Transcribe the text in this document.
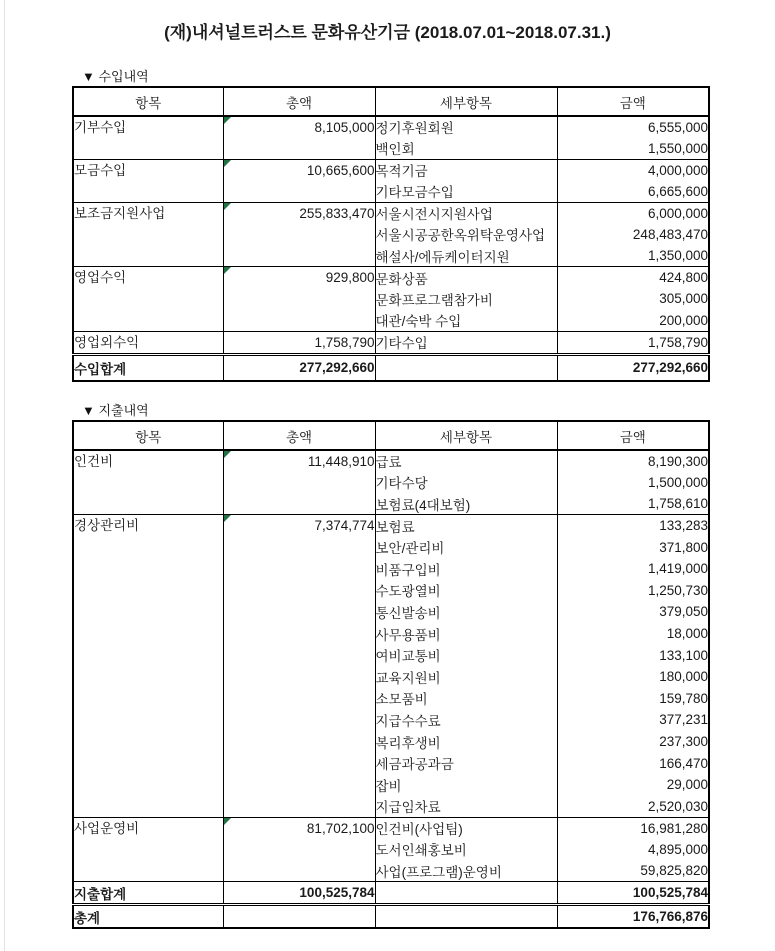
(재)내셔널트러스트 문화유산기금 (2018.07.01~2018.07.31.)
▼ 수입내역
항목	총액	세부항목	금액
기부수입	8,105,000	정기후원회원	6,555,000
		백인회	1,550,000
모금수입	10,665,600	목적기금	4,000,000
		기타모금수입	6,665,600
보조금지원사업	255,833,470	서울시전시지원사업	6,000,000
		서울시공공한옥위탁운영사업	248,483,470
		해설사/에듀케이터지원	1,350,000
영업수익	929,800	문화상품	424,800
		문화프로그램참가비	305,000
		대관/숙박 수입	200,000
영업외수익	1,758,790	기타수입	1,758,790
수입합계	277,292,660		277,292,660
▼ 지출내역
항목	총액	세부항목	금액
인건비	11,448,910	급료	8,190,300
		기타수당	1,500,000
		보험료(4대보험)	1,758,610
경상관리비	7,374,774	보험료	133,283
		보안/관리비	371,800
		비품구입비	1,419,000
		수도광열비	1,250,730
		통신발송비	379,050
		사무용품비	18,000
		여비교통비	133,100
		교육지원비	180,000
		소모품비	159,780
		지급수수료	377,231
		복리후생비	237,300
		세금과공과금	166,470
		잡비	29,000
		지급임차료	2,520,030
사업운영비	81,702,100	인건비(사업팀)	16,981,280
		도서인쇄홍보비	4,895,000
		사업(프로그램)운영비	59,825,820
지출합계	100,525,784		100,525,784
총계			176,766,876
